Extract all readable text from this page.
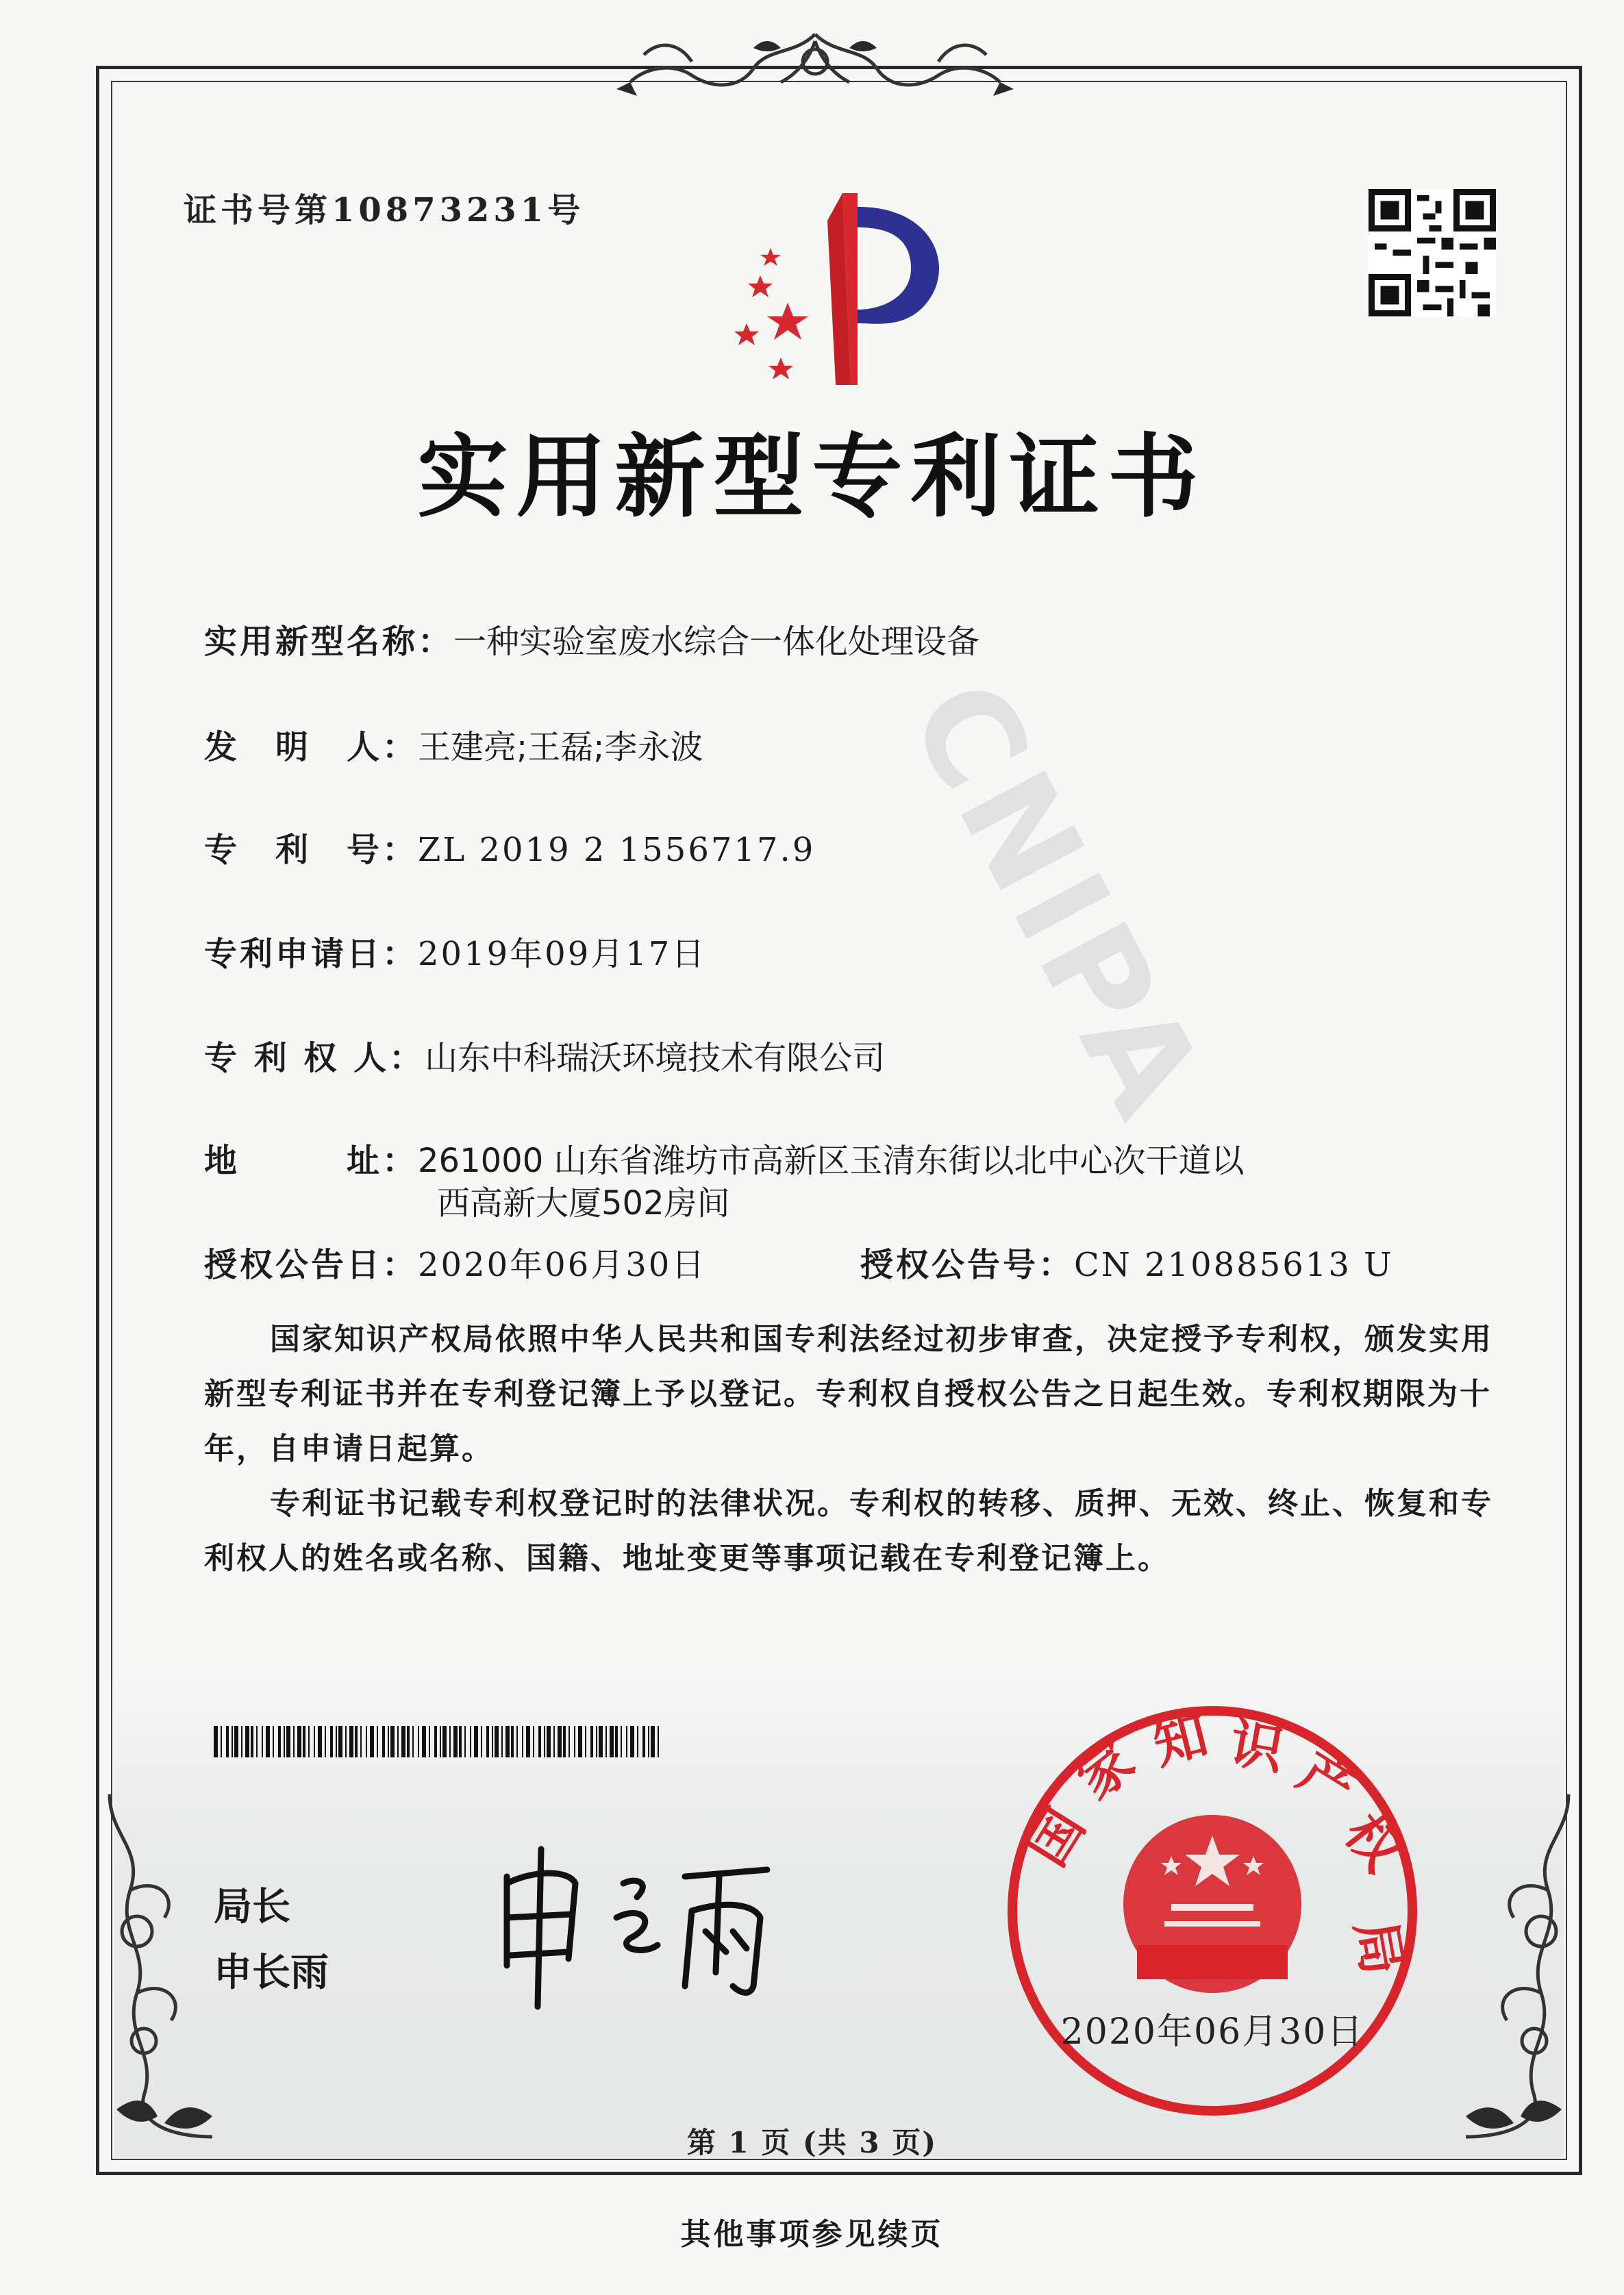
CNIPA
证书号第10873231号
实用新型专利证书
实用新型名称：一种实验室废水综合一体化处理设备
发　明　人：王建亮;王磊;李永波
专　利　号：ZL 2019 2 1556717.9
专利申请日：2019年09月17日
专 利 权 人：山东中科瑞沃环境技术有限公司
地　　　址：261000 山东省潍坊市高新区玉清东街以北中心次干道以
西高新大厦502房间
授权公告日：2020年06月30日	授权公告号：CN 210885613 U

国家知识产权局依照中华人民共和国专利法经过初步审查，决定授予专利权，颁发实用新型专利证书并在专利登记簿上予以登记。专利权自授权公告之日起生效。专利权期限为十年，自申请日起算。

专利证书记载专利权登记时的法律状况。专利权的转移、质押、无效、终止、恢复和专利权人的姓名或名称、国籍、地址变更等事项记载在专利登记簿上。

局长
申长雨
国
家 知 识
产
权
局
2020年06月30日
第 1 页 (共 3 页)
其他事项参见续页
